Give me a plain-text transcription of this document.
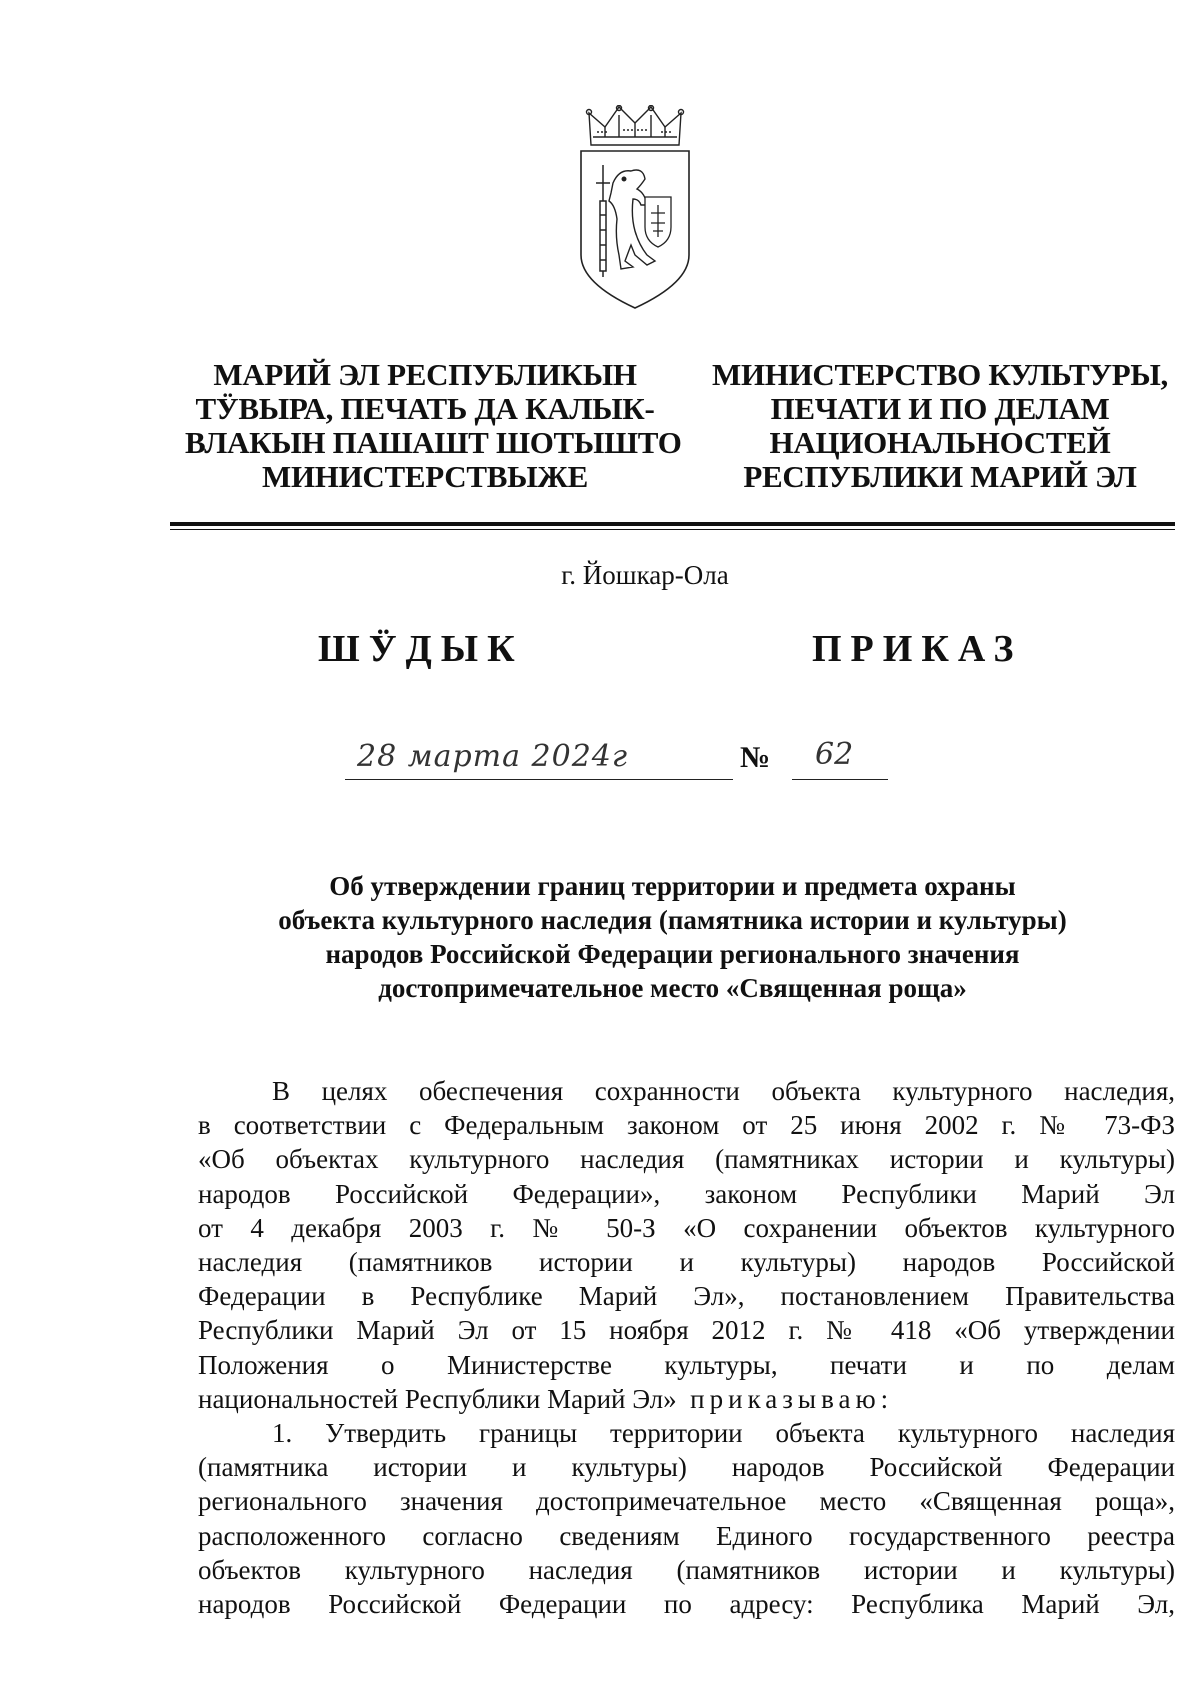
МАРИЙ ЭЛ РЕСПУБЛИКЫН
ТӰВЫРА, ПЕЧАТЬ ДА КАЛЫК-
ВЛАКЫН ПАШАШТ ШОТЫШТО
МИНИСТЕРСТВЫЖЕ
МИНИСТЕРСТВО КУЛЬТУРЫ,
ПЕЧАТИ И ПО ДЕЛАМ
НАЦИОНАЛЬНОСТЕЙ
РЕСПУБЛИКИ МАРИЙ ЭЛ
г. Йошкар-Ола
ШӰДЫК	ПРИКАЗ
28 марта 2024г	№ 62
Об утверждении границ территории и предмета охраны
объекта культурного наследия (памятника истории и культуры)
народов Российской Федерации регионального значения
достопримечательное место «Священная роща»
В целях обеспечения сохранности объекта культурного наследия,
в соответствии с Федеральным законом от 25 июня 2002 г. № 73-ФЗ
«Об объектах культурного наследия (памятниках истории и культуры)
народов Российской Федерации», законом Республики Марий Эл
от 4 декабря 2003 г. № 50-З «О сохранении объектов культурного
наследия (памятников истории и культуры) народов Российской
Федерации в Республике Марий Эл», постановлением Правительства
Республики Марий Эл от 15 ноября 2012 г. № 418 «Об утверждении
Положения о Министерстве культуры, печати и по делам
национальностей Республики Марий Эл» приказываю:
1. Утвердить границы территории объекта культурного наследия
(памятника истории и культуры) народов Российской Федерации
регионального значения достопримечательное место «Священная роща»,
расположенного согласно сведениям Единого государственного реестра
объектов культурного наследия (памятников истории и культуры)
народов Российской Федерации по адресу: Республика Марий Эл,
